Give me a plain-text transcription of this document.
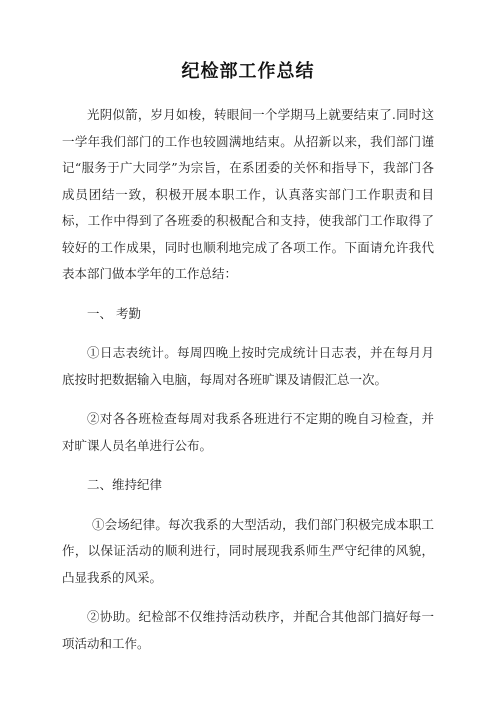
纪检部工作总结

光阴似箭，岁月如梭，转眼间一个学期马上就要结束了.同时这一学年我们部门的工作也较圆满地结束。从招新以来，我们部门谨记“服务于广大同学”为宗旨，在系团委的关怀和指导下，我部门各成员团结一致，积极开展本职工作，认真落实部门工作职责和目标，工作中得到了各班委的积极配合和支持，使我部门工作取得了较好的工作成果，同时也顺利地完成了各项工作。下面请允许我代表本部门做本学年的工作总结：

一、 考勤

①日志表统计。每周四晚上按时完成统计日志表，并在每月月底按时把数据输入电脑，每周对各班旷课及请假汇总一次。

②对各各班检查每周对我系各班进行不定期的晚自习检查，并对旷课人员名单进行公布。

二、维持纪律

①会场纪律。每次我系的大型活动，我们部门积极完成本职工作，以保证活动的顺利进行，同时展现我系师生严守纪律的风貌，凸显我系的风采。

②协助。纪检部不仅维持活动秩序，并配合其他部门搞好每一项活动和工作。
